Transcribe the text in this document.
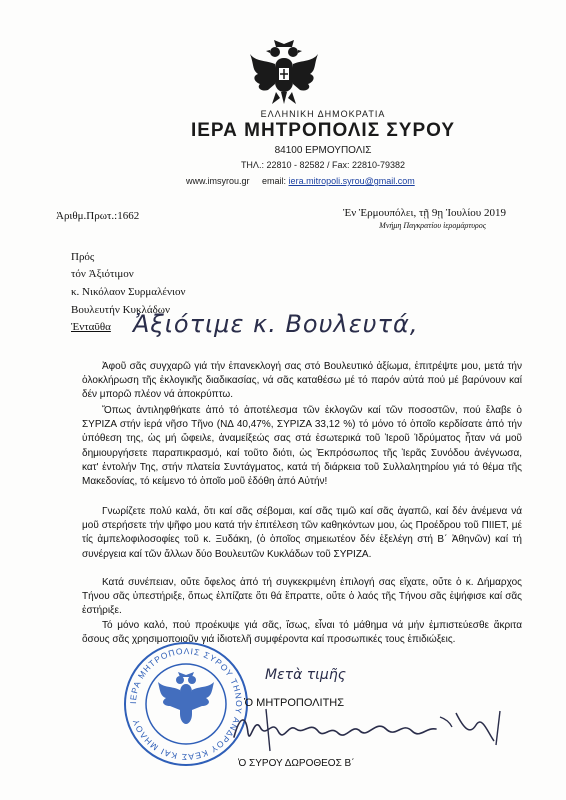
ΕΛΛΗΝΙΚΗ ΔΗΜΟΚΡΑΤΙΑ
ΙΕΡΑ ΜΗΤΡΟΠΟΛΙΣ ΣΥΡΟΥ
84100 ΕΡΜΟΥΠΟΛΙΣ
ΤΗΛ.: 22810 - 82582 / Fax: 22810-79382
www.imsyrou.gr email: iera.mitropoli.syrou@gmail.com
Ἀριθμ.Πρωτ.:1662	Ἐν Ἑρμουπόλει, τῇ 9ῃ Ἰουλίου 2019
Μνήμη Παγκρατίου ἱερομάρτυρος
Πρός
τόν Ἀξιότιμον
κ. Νικόλαον Συρμαλένιον
Βουλευτήν Κυκλάδων
Ἐνταῦθα Ἀξιότιμε κ. Βουλευτά,

Ἀφοῦ σᾶς συγχαρῶ γιά τήν ἐπανεκλογή σας στό Βουλευτικό ἀξίωμα, ἐπιτρέψτε μου, μετά τήν ὁλοκλήρωση τῆς ἐκλογικῆς διαδικασίας, νά σᾶς καταθέσω μέ τό παρόν αὐτά πού μέ βαρύνουν καί δέν μπορῶ πλέον νά ἀποκρύπτω.

Ὅπως ἀντιληφθήκατε ἀπό τό ἀποτέλεσμα τῶν ἐκλογῶν καί τῶν ποσοστῶν, πού ἔλαβε ὁ ΣΥΡΙΖΑ στήν ἱερά νῆσο Τῆνο (ΝΔ 40,47%, ΣΥΡΙΖΑ 33,12 %) τό μόνο τό ὁποῖο κερδίσατε ἀπό τήν ὑπόθεση της, ὡς μή ὤφειλε, ἀναμείξεώς σας στά ἐσωτερικά τοῦ Ἱεροῦ Ἱδρύματος ἦταν νά μοῦ δημιουργήσετε παραπικρασμό, καί τοῦτο διότι, ὡς Ἐκπρόσωπος τῆς Ἱερᾶς Συνόδου ἀνέγνωσα, κατ' ἐντολήν Της, στήν πλατεία Συντάγματος, κατά τή διάρκεια τοῦ Συλλαλητηρίου γιά τό θέμα τῆς Μακεδονίας, τό κείμενο τό ὁποῖο μοῦ ἐδόθη ἀπό Αὐτήν!

Γνωρίζετε πολύ καλά, ὅτι καί σᾶς σέβομαι, καί σᾶς τιμῶ καί σᾶς ἀγαπῶ, καί δέν ἀνέμενα νά μοῦ στερήσετε τήν ψῆφο μου κατά τήν ἐπιτέλεση τῶν καθηκόντων μου, ὡς Προέδρου τοῦ ΠΙΙΕΤ, μέ τίς ἀμπελοφιλοσοφίες τοῦ κ. Ξυδάκη, (ὁ ὁποῖος σημειωτέον δέν ἐξελέγη στή Β΄ Ἀθηνῶν) καί τή συνέργεια καί τῶν ἄλλων δύο Βουλευτῶν Κυκλάδων τοῦ ΣΥΡΙΖΑ.

Κατά συνέπειαν, οὔτε ὄφελος ἀπό τή συγκεκριμένη ἐπιλογή σας εἴχατε, οὔτε ὁ κ. Δήμαρχος Τήνου σᾶς ὑπεστήριξε, ὅπως ἐλπίζατε ὅτι θά ἔπραττε, οὔτε ὁ λαός τῆς Τήνου σᾶς ἐψήφισε καί σᾶς ἐστήριξε.

Τό μόνο καλό, πού προέκυψε γιά σᾶς, ἴσως, εἶναι τό μάθημα νά μήν ἐμπιστεύεσθε ἄκριτα ὅσους σᾶς χρησιμοποιοῦν γιά ἰδιοτελῆ συμφέροντα καί προσωπικές τους ἐπιδιώξεις.

ΙΕΡΑ ΜΗΤΡΟΠΟΛΙΣ ΣΥΡΟΥ ΤΗΝΟΥ ΑΝΔΡΟΥ ΚΕΑΣ ΚΑΙ ΜΗΛΟΥ
Μετὰ τιμῆς
Ὁ ΜΗΤΡΟΠΟΛΙΤΗΣ
Ὁ ΣΥΡΟΥ ΔΩΡΟΘΕΟΣ Β΄
